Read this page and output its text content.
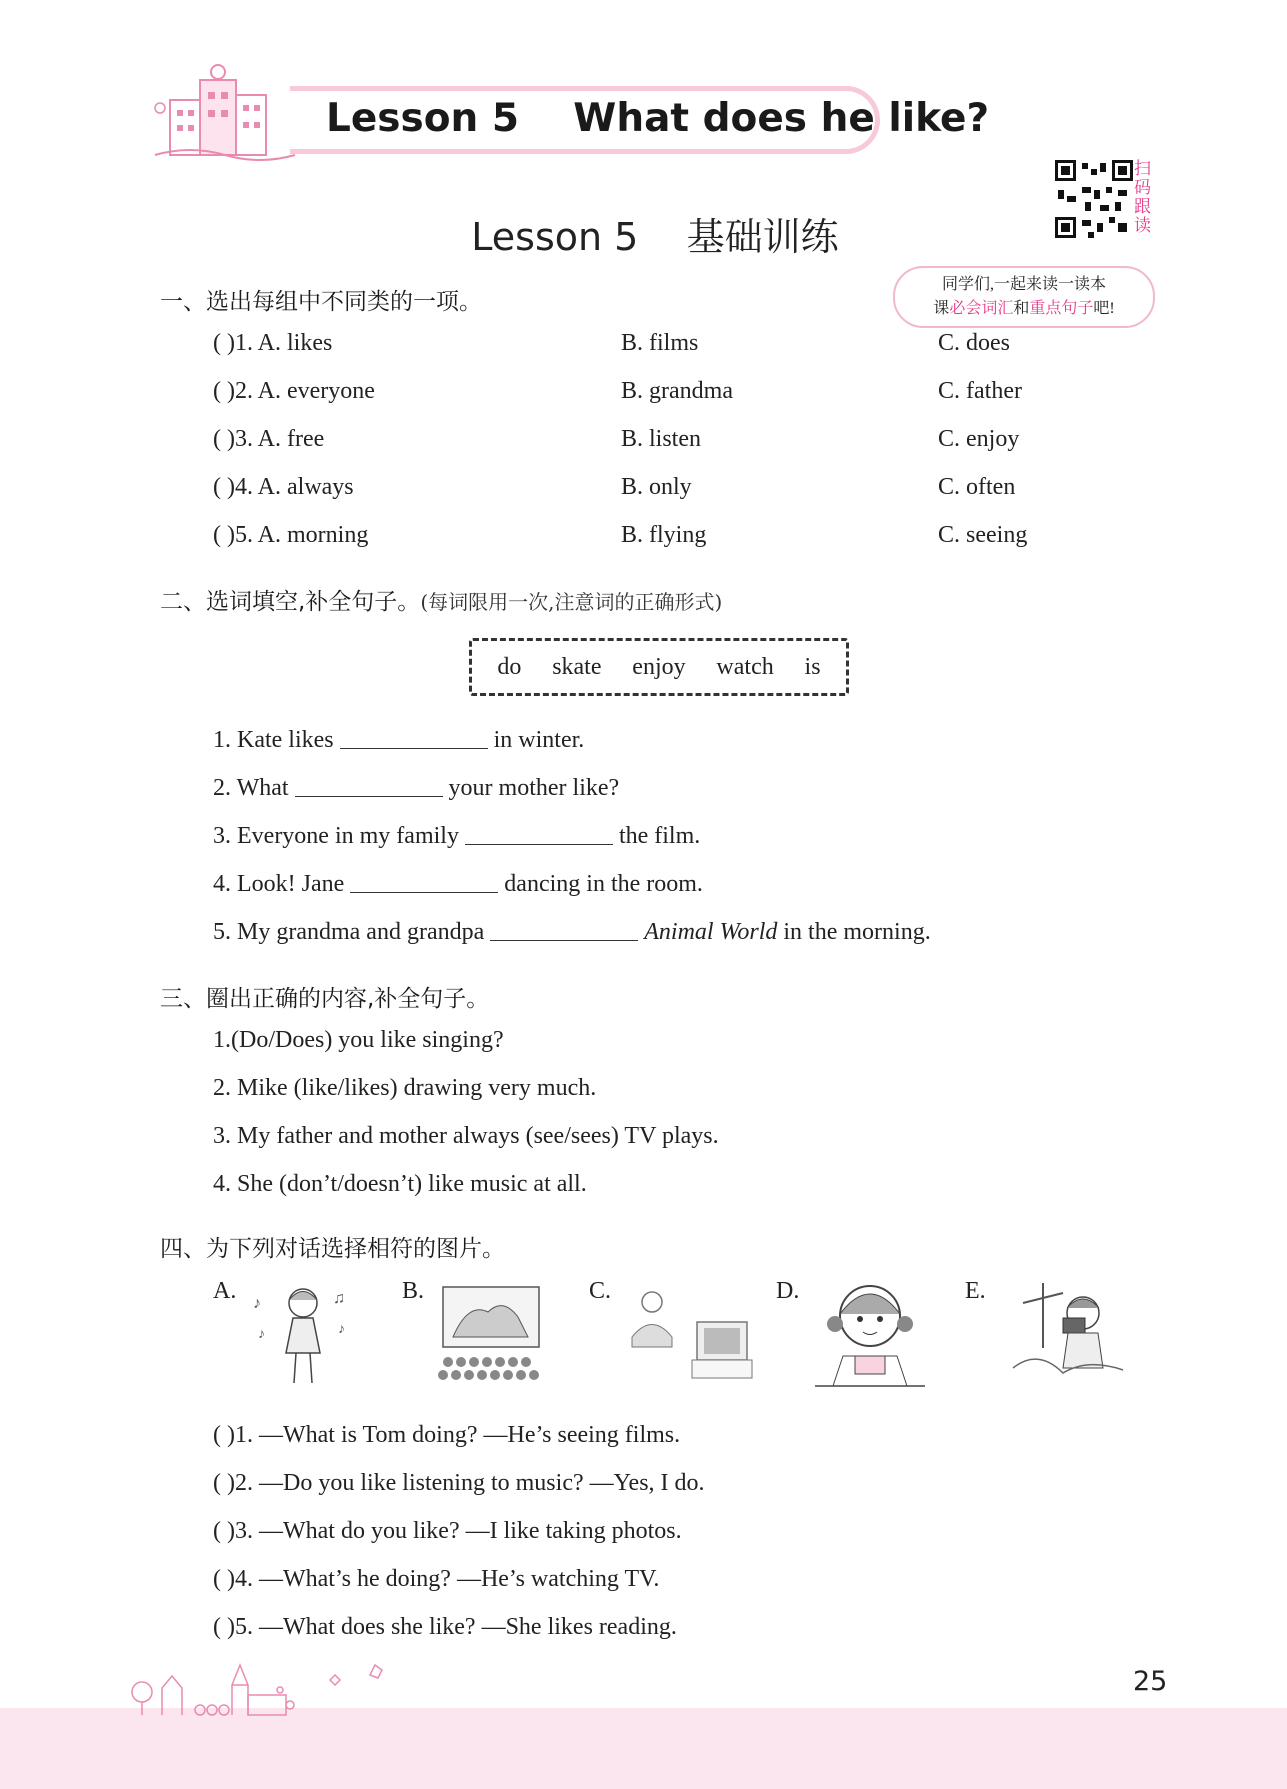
Lesson 5    What does he like?
Lesson 5    基础训练
扫码跟读
同学们,一起来读一读本
课必会词汇和重点句子吧!
一、选出每组中不同类的一项。
( )1. A. likes	B. films	C. does
( )2. A. everyone	B. grandma	C. father
( )3. A. free	B. listen	C. enjoy
( )4. A. always	B. only	C. often
( )5. A. morning	B. flying	C. seeing
二、选词填空,补全句子。(每词限用一次,注意词的正确形式)
do skate enjoy watch is
1. Kate likes	in winter.
2. What	your mother like?
3. Everyone in my family	the film.
4. Look! Jane	dancing in the room.
5. My grandma and grandpa	Animal World in the morning.
三、圈出正确的内容,补全句子。
1.(Do/Does) you like singing?
2. Mike (like/likes) drawing very much.
3. My father and mother always (see/sees) TV plays.
4. She (don’t/doesn’t) like music at all.
四、为下列对话选择相符的图片。
A.	B.	C.	D.	E.
♪	♫
♪	♪
( )1. —What is Tom doing? —He’s seeing films.
( )2. —Do you like listening to music? —Yes, I do.
( )3. —What do you like? —I like taking photos.
( )4. —What’s he doing? —He’s watching TV.
( )5. —What does she like? —She likes reading.
25
